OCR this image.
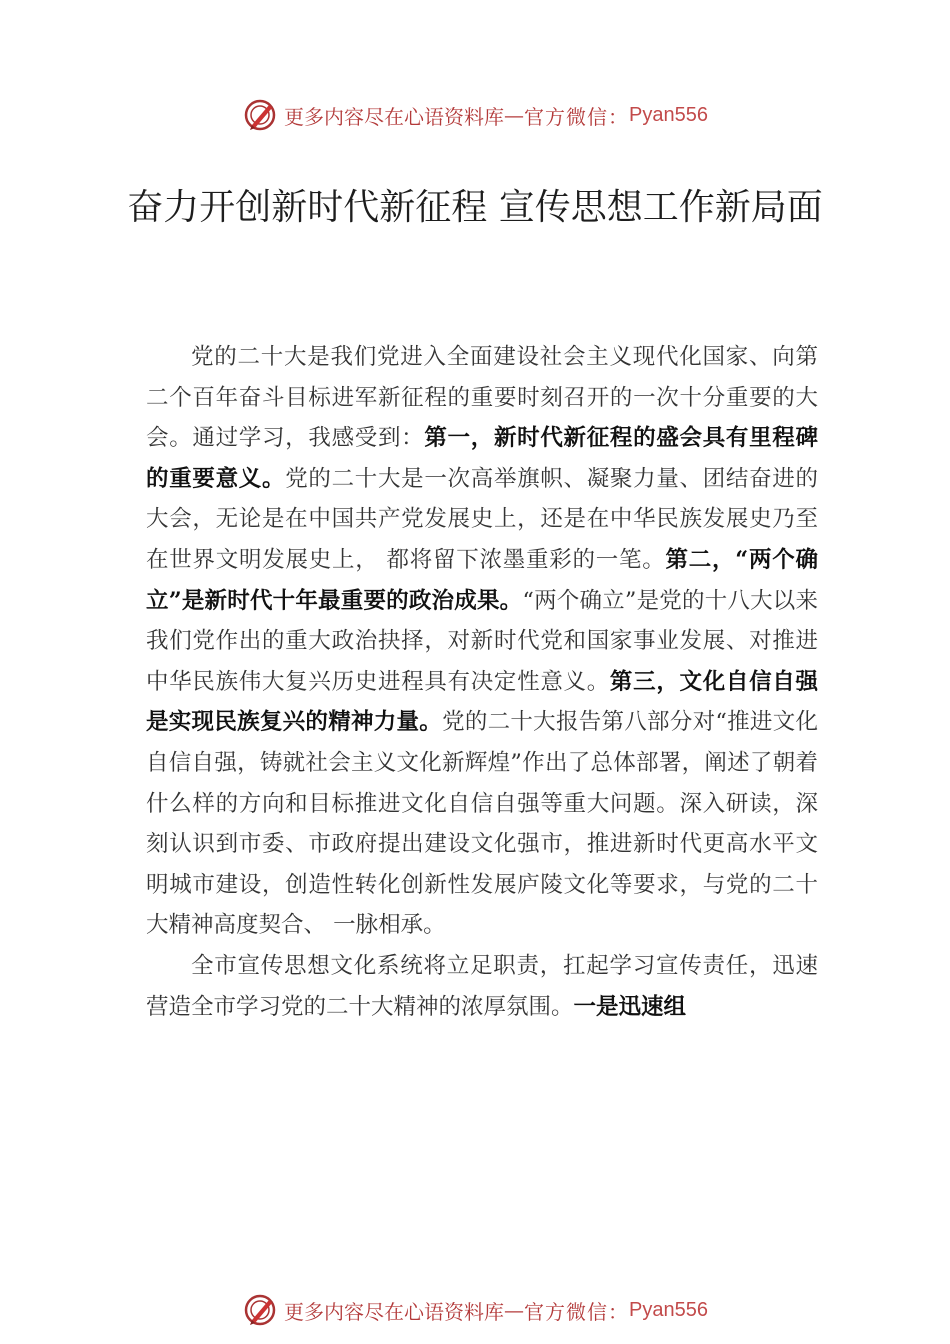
更多内容尽在心语资料库 — 官方微信： Pyan556
奋力开创新时代新征程 宣传思想工作新局面

党的二十大是我们党进入全面建设社会主义现代化国家、向第二个百年奋斗目标进军新征程的重要时刻召开的一次十分重要的大会。通过学习，我感受到：第一，新时代新征程的盛会具有里程碑的重要意义。党的二十大是一次高举旗帜、凝聚力量、团结奋进的大会，无论是在中国共产党发展史上，还是在中华民族发展史乃至在世界文明发展史上， 都将留下浓墨重彩的一笔。第二，“两个确立”是新时代十年最重要的政治成果。“两个确立”是党的十八大以来我们党作出的重大政治抉择，对新时代党和国家事业发展、对推进中华民族伟大复兴历史进程具有决定性意义。第三，文化自信自强是实现民族复兴的精神力量。党的二十大报告第八部分对“推进文化自信自强，铸就社会主义文化新辉煌”作出了总体部署，阐述了朝着什么样的方向和目标推进文化自信自强等重大问题。深入研读，深刻认识到市委、市政府提出建设文化强市，推进新时代更高水平文明城市建设，创造性转化创新性发展庐陵文化等要求，与党的二十大精神高度契合、 一脉相承。

全市宣传思想文化系统将立足职责，扛起学习宣传责任，迅速营造全市学习党的二十大精神的浓厚氛围。一是迅速组

更多内容尽在心语资料库 — 官方微信： Pyan556
